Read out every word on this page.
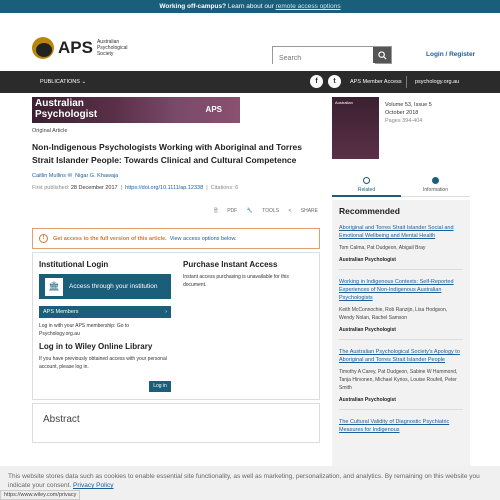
Working off-campus? Learn about our remote access options
APS Australian
Psychological
Society
Search	Login / Register
PUBLICATIONS ⌄	f	t	APS Member Access psychology.org.au
Australian
Psychologist	APS
Original Article
Non-Indigenous Psychologists Working with Aboriginal and Torres Strait Islander People: Towards Clinical and Cultural Competence
Caitlin Mullins ✉ Nigar G. Khawaja
First published: 28 December 2017  |  https://doi.org/10.1111/ap.12338  |  Citations: 6
🗎 PDF 🔧 TOOLS < SHARE
!	Get access to the full version of this article. View access options below.
Institutional Login
🏛	Access through your institution
APS Members	›
Log in with your APS membership: Go to Psychology.org.au
Log in to Wiley Online Library
If you have previously obtained access with your personal account, please log in.
Log in
Purchase Instant Access
Instant access purchasing is unavailable for this document.
Abstract
Australian	Volume 53, Issue 5
October 2018
Pages 394-404
Related	Information
Recommended
Aboriginal and Torres Strait Islander Social and Emotional Wellbeing and Mental Health
Tom Calma, Pat Dudgeon, Abigail Bray
Australian Psychologist
Working in Indigenous Contexts: Self-Reported Experiences of Non-Indigenous Australian Psychologists
Keith McConnochie, Rob Ranzijn, Lisa Hodgson, Wendy Nolan, Rachel Samson
Australian Psychologist
The Australian Psychological Society's Apology to Aboriginal and Torres Strait Islander People
Timothy A Carey, Pat Dudgeon, Sabine W Hammond, Tanja Hirvonen, Michael Kyrios, Louise Roufeil, Peter Smith
Australian Psychologist
The Cultural Validity of Diagnostic Psychiatric Measures for Indigenous
This website stores data such as cookies to enable essential site functionality, as well as marketing, personalization, and analytics. By remaining on this website you indicate your consent. Privacy Policy
https://www.wiley.com/privacy
